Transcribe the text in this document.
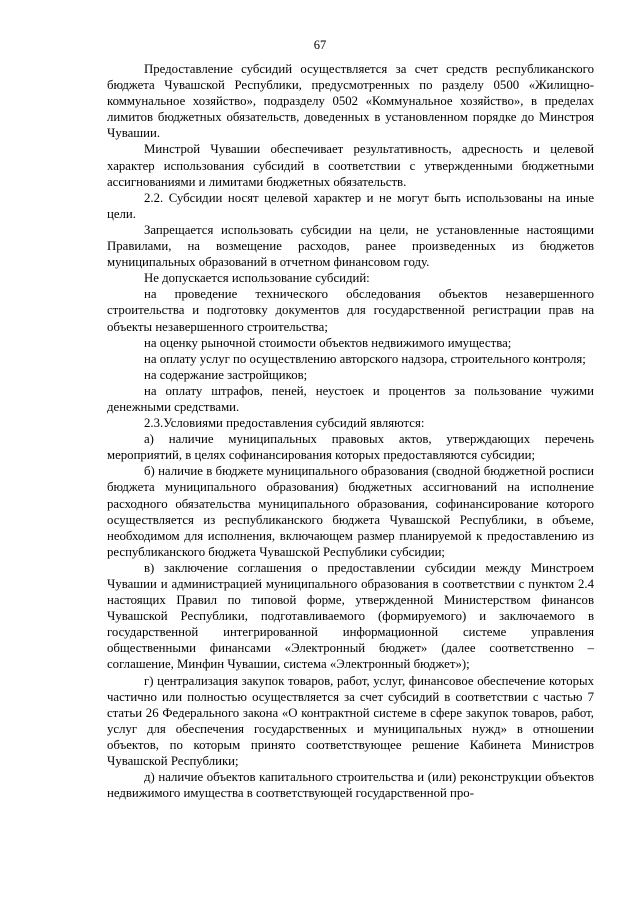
67

Предоставление субсидий осуществляется за счет средств республиканского бюджета Чувашской Республики, предусмотренных по разделу 0500 «Жилищно-коммунальное хозяйство», подразделу 0502 «Коммунальное хозяйство», в пределах лимитов бюджетных обязательств, доведенных в установленном порядке до Минстроя Чувашии.

Минстрой Чувашии обеспечивает результативность, адресность и целевой характер использования субсидий в соответствии с утвержденными бюджетными ассигнованиями и лимитами бюджетных обязательств.

2.2. Субсидии носят целевой характер и не могут быть использованы на иные цели.

Запрещается использовать субсидии на цели, не установленные настоящими Правилами, на возмещение расходов, ранее произведенных из бюджетов муниципальных образований в отчетном финансовом году.

Не допускается использование субсидий:

на проведение технического обследования объектов незавершенного строительства и подготовку документов для государственной регистрации прав на объекты незавершенного строительства;

на оценку рыночной стоимости объектов недвижимого имущества;

на оплату услуг по осуществлению авторского надзора, строительного контроля;

на содержание застройщиков;

на оплату штрафов, пеней, неустоек и процентов за пользование чужими денежными средствами.

2.3.Условиями предоставления субсидий являются:

а) наличие муниципальных правовых актов, утверждающих перечень мероприятий, в целях софинансирования которых предоставляются субсидии;

б) наличие в бюджете муниципального образования (сводной бюджетной росписи бюджета муниципального образования) бюджетных ассигнований на исполнение расходного обязательства муниципального образования, софинансирование которого осуществляется из республиканского бюджета Чувашской Республики, в объеме, необходимом для исполнения, включающем размер планируемой к предоставлению из республиканского бюджета Чувашской Республики субсидии;

в) заключение соглашения о предоставлении субсидии между Минстроем Чувашии и администрацией муниципального образования в соответствии с пунктом 2.4 настоящих Правил по типовой форме, утвержденной Министерством финансов Чувашской Республики, подготавливаемого (формируемого) и заключаемого в государственной интегрированной информационной системе управления общественными финансами «Электронный бюджет» (далее соответственно – соглашение, Минфин Чувашии, система «Электронный бюджет»);

г) централизация закупок товаров, работ, услуг, финансовое обеспечение которых частично или полностью осуществляется за счет субсидий в соответствии с частью 7 статьи 26 Федерального закона «О контрактной системе в сфере закупок товаров, работ, услуг для обеспечения государственных и муниципальных нужд» в отношении объектов, по которым принято соответствующее решение Кабинета Министров Чувашской Республики;

д) наличие объектов капитального строительства и (или) реконструкции объектов недвижимого имущества в соответствующей государственной про-
